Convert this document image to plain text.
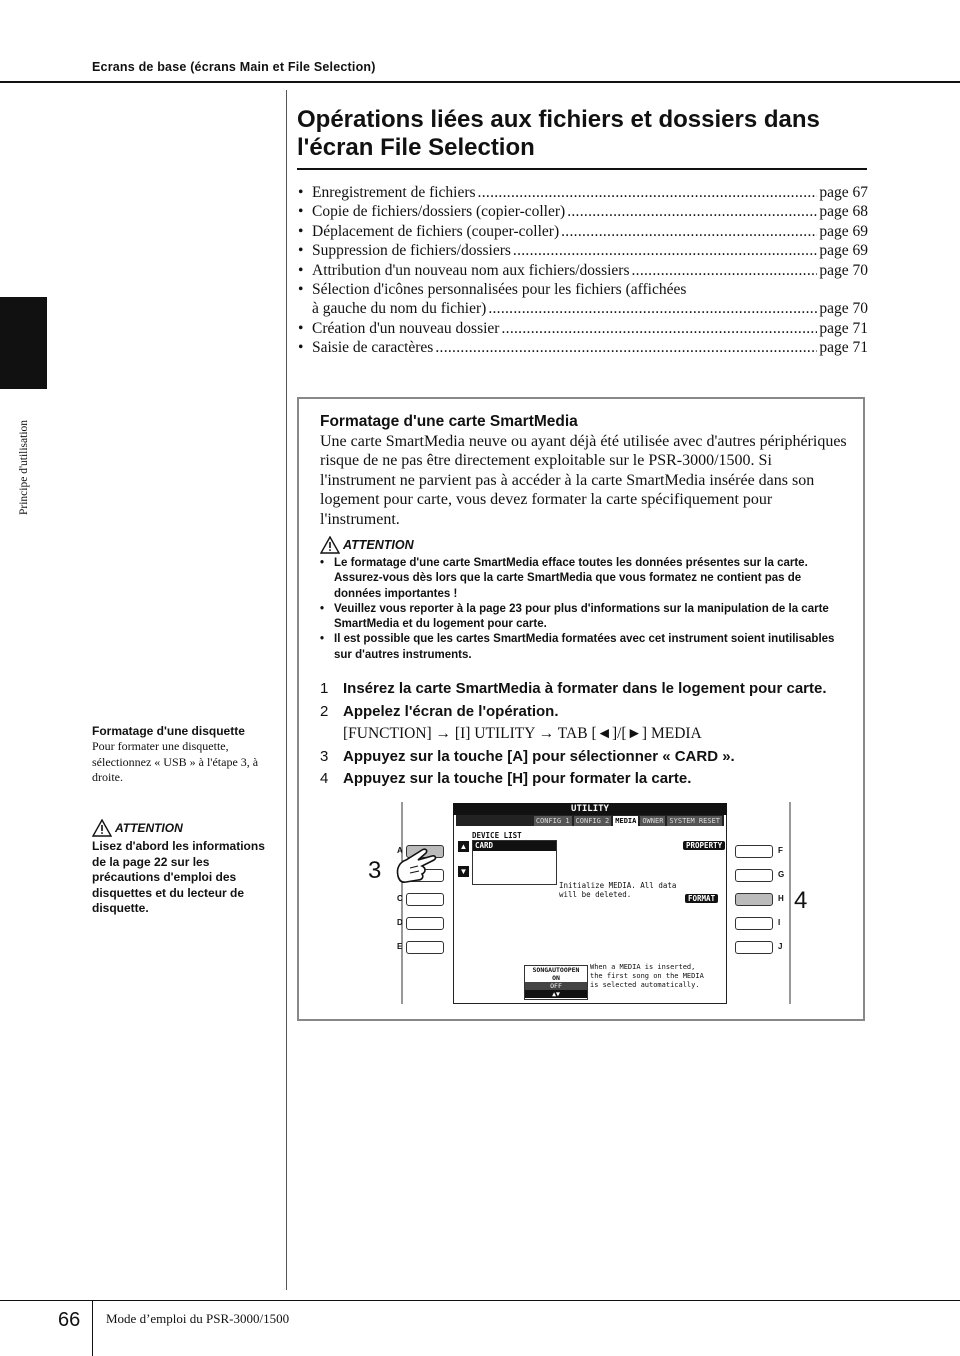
Ecrans de base (écrans Main et File Selection)
Principe d'utilisation
Opérations liées aux fichiers et dossiers dans
l'écran File Selection
• Enregistrement de fichiers .....	page 67
• Copie de fichiers/dossiers (copier-coller) .....	page 68
• Déplacement de fichiers (couper-coller) .....	page 69
• Suppression de fichiers/dossiers .....	page 69
• Attribution d'un nouveau nom aux fichiers/dossiers .....	page 70
• Sélection d'icônes personnalisées pour les fichiers (affichées
à gauche du nom du fichier) .....	page 70
• Création d'un nouveau dossier .....	page 71
• Saisie de caractères .....	page 71
Formatage d'une carte SmartMedia
Une carte SmartMedia neuve ou ayant déjà été utilisée avec d'autres périphériques risque de ne pas être directement exploitable sur le PSR-3000/1500. Si l'instrument ne parvient pas à accéder à la carte SmartMedia insérée dans son logement pour carte, vous devez formater la carte spécifiquement pour l'instrument.
ATTENTION
• Le formatage d'une carte SmartMedia efface toutes les données présentes sur la carte. Assurez-vous dès lors que la carte SmartMedia que vous formatez ne contient pas de données importantes !
• Veuillez vous reporter à la page 23 pour plus d'informations sur la manipulation de la carte SmartMedia et du logement pour carte.
• Il est possible que les cartes SmartMedia formatées avec cet instrument soient inutilisables sur d'autres instruments.
1 Insérez la carte SmartMedia à formater dans le logement pour carte.
2 Appelez l'écran de l'opération.
[FUNCTION] → [I] UTILITY → TAB [◄]/[►] MEDIA
3 Appuyez sur la touche [A] pour sélectionner « CARD ».
4 Appuyez sur la touche [H] pour formater la carte.
Formatage d'une disquette
Pour formater une disquette, sélectionnez « USB » à l'étape 3, à droite.
ATTENTION
Lisez d'abord les informations de la page 22 sur les précautions d'emploi des disquettes et du lecteur de disquette.
A
C
D
E
F
G
H
I
J
3
4
UTILITY
CONFIG 1 CONFIG 2 MEDIA OWNER SYSTEM RESET
DEVICE LIST
CARD
▲
▼
PROPERTY
FORMAT
Initialize MEDIA. All data
will be deleted.
SONGAUTOOPEN
ON
OFF
▲▼
When a MEDIA is inserted,
the first song on the MEDIA
is selected automatically.
66 Mode d’emploi du PSR-3000/1500
